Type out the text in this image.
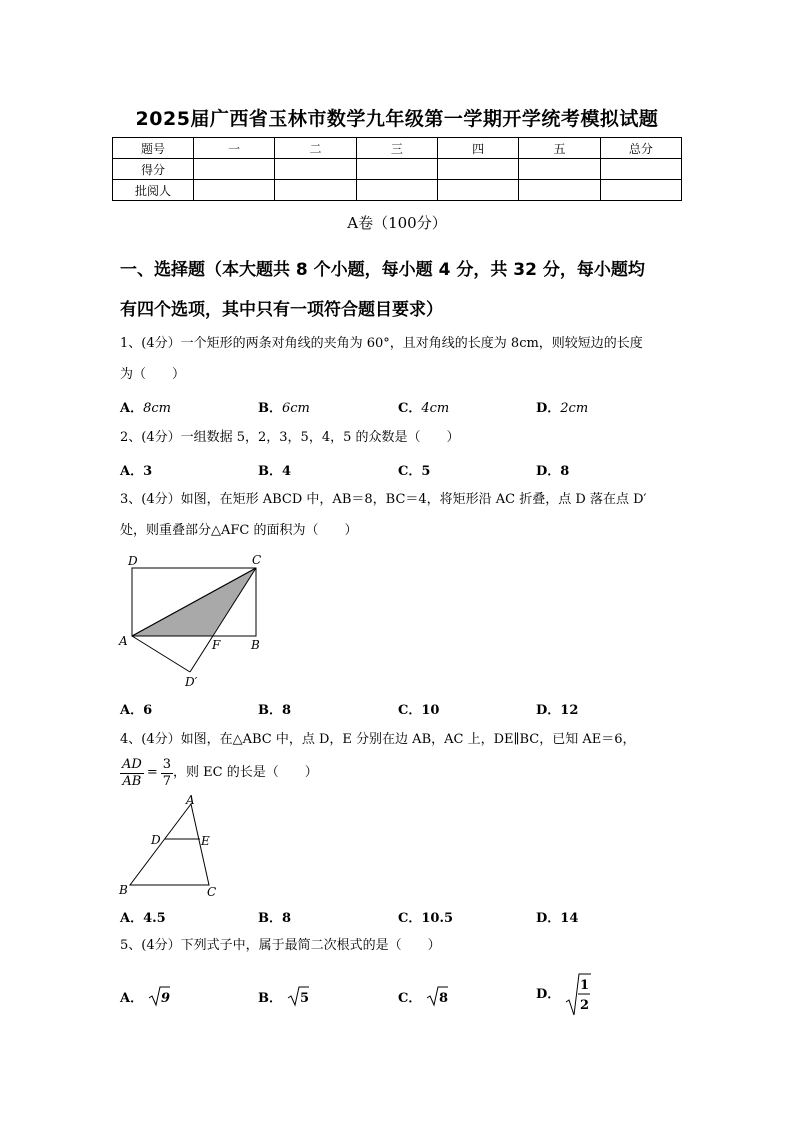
2025届广西省玉林市数学九年级第一学期开学统考模拟试题
题号	一	二	三	四	五	总分
得分						
批阅人						
A卷（100分）
一、选择题（本大题共 8 个小题，每小题 4 分，共 32 分，每小题均
有四个选项，其中只有一项符合题目要求）
1、(4分）一个矩形的两条对角线的夹角为 60°，且对角线的长度为 8cm，则较短边的长度
为（　　）
A．8cm	B．6cm	C．4cm	D．2cm
2、(4分）一组数据 5，2，3，5，4，5 的众数是（　　）
A．3	B．4	C．5	D．8
3、(4分）如图，在矩形 ABCD 中，AB＝8，BC＝4，将矩形沿 AC 折叠，点 D 落在点 D′
处，则重叠部分△AFC 的面积为（　　）
D	C
A	F	B
D′
A．6	B．8	C．10	D．12
4、(4分）如图，在△ABC 中，点 D，E 分别在边 AB，AC 上，DE∥BC，已知 AE＝6，
$\frac{AD}{AB} = \frac{3}{7}$ ，则 EC 的长是（　　）
A
D	E
B	C
A．4.5	B．8	C．10.5	D．14
5、(4分）下列式子中，属于最简二次根式的是（　　）
A． 9	B． 5	C． 8	D．
1
2
